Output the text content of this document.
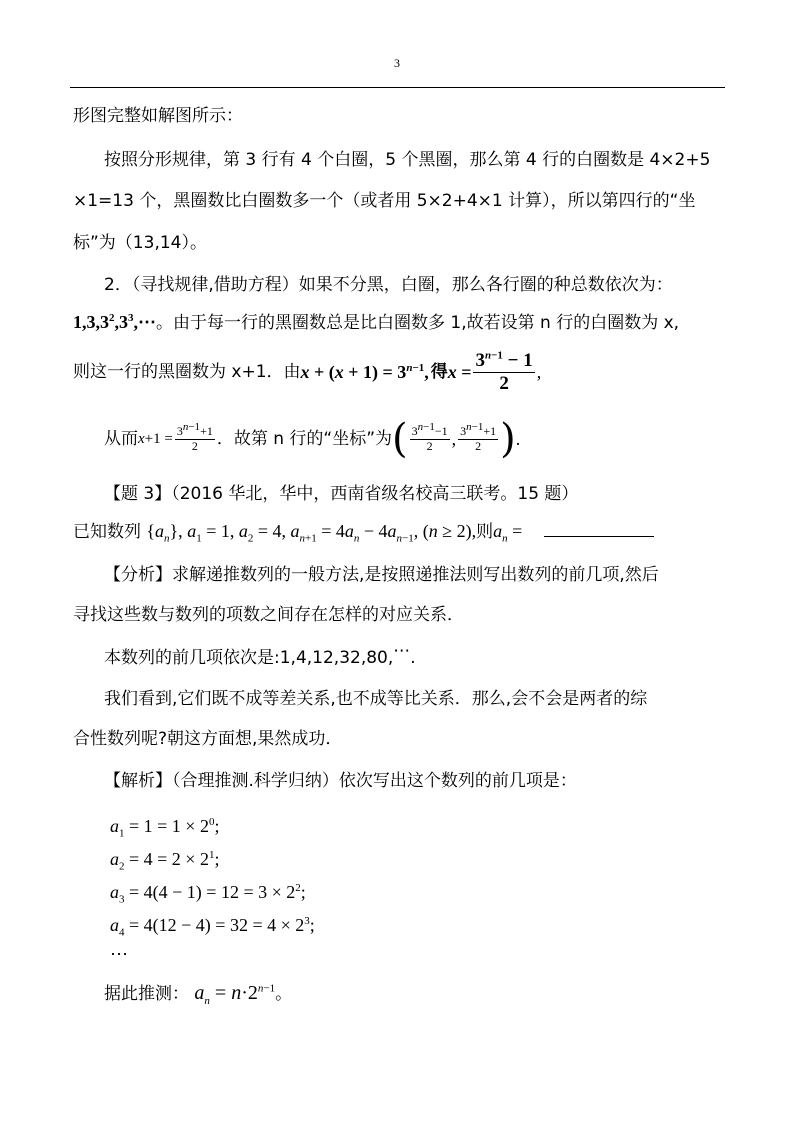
3
形图完整如解图所示：
按照分形规律，第 3 行有 4 个白圈，5 个黑圈，那么第 4 行的白圈数是 4×2+5
×1=13 个，黑圈数比白圈数多一个（或者用 5×2+4×1 计算），所以第四行的“坐
标”为（13,14）。
2．（寻找规律,借助方程）如果不分黑，白圈，那么各行圈的种总数依次为：
$1,3,3^2,3^3,\cdots$。由于每一行的黑圈数总是比白圈数多 1,故若设第 n 行的白圈数为 x,
则这一行的黑圈数为 x+1．由 $x + (x + 1) = 3^{n-1}$, 得 $x = \frac{3^{n-1} - 1}{2}$ ,
从而 $x+1 = \frac{3^{n-1}+1}{2}$ ．故第 n 行的“坐标”为 ( $\frac{3^{n-1}-1}{2}$ , $\frac{3^{n-1}+1}{2}$ ) .
【题 3】（2016 华北，华中，西南省级名校高三联考。15 题）
已知数列 $\{a_n\}$, $a_1 = 1$, $a_2 = 4$, $a_{n+1} = 4a_n - 4a_{n-1}$, (n ≥ 2),则$a_n$ =
【分析】求解递推数列的一般方法,是按照递推法则写出数列的前几项,然后
寻找这些数与数列的项数之间存在怎样的对应关系．
本数列的前几项依次是:1,4,12,32,80,⋯.
我们看到,它们既不成等差关系,也不成等比关系．那么,会不会是两者的综
合性数列呢?朝这方面想,果然成功．
【解析】（合理推测.科学归纳）依次写出这个数列的前几项是：
$a_1 = 1 = 1 \times 2^0$;
$a_2 = 4 = 2 \times 2^1$;
$a_3 = 4(4 - 1) = 12 = 3 \times 2^2$;
$a_4 = 4(12 - 4) = 32 = 4 \times 2^3$;
⋯
据此推测： $a_n = n\cdot 2^{n-1}$。
